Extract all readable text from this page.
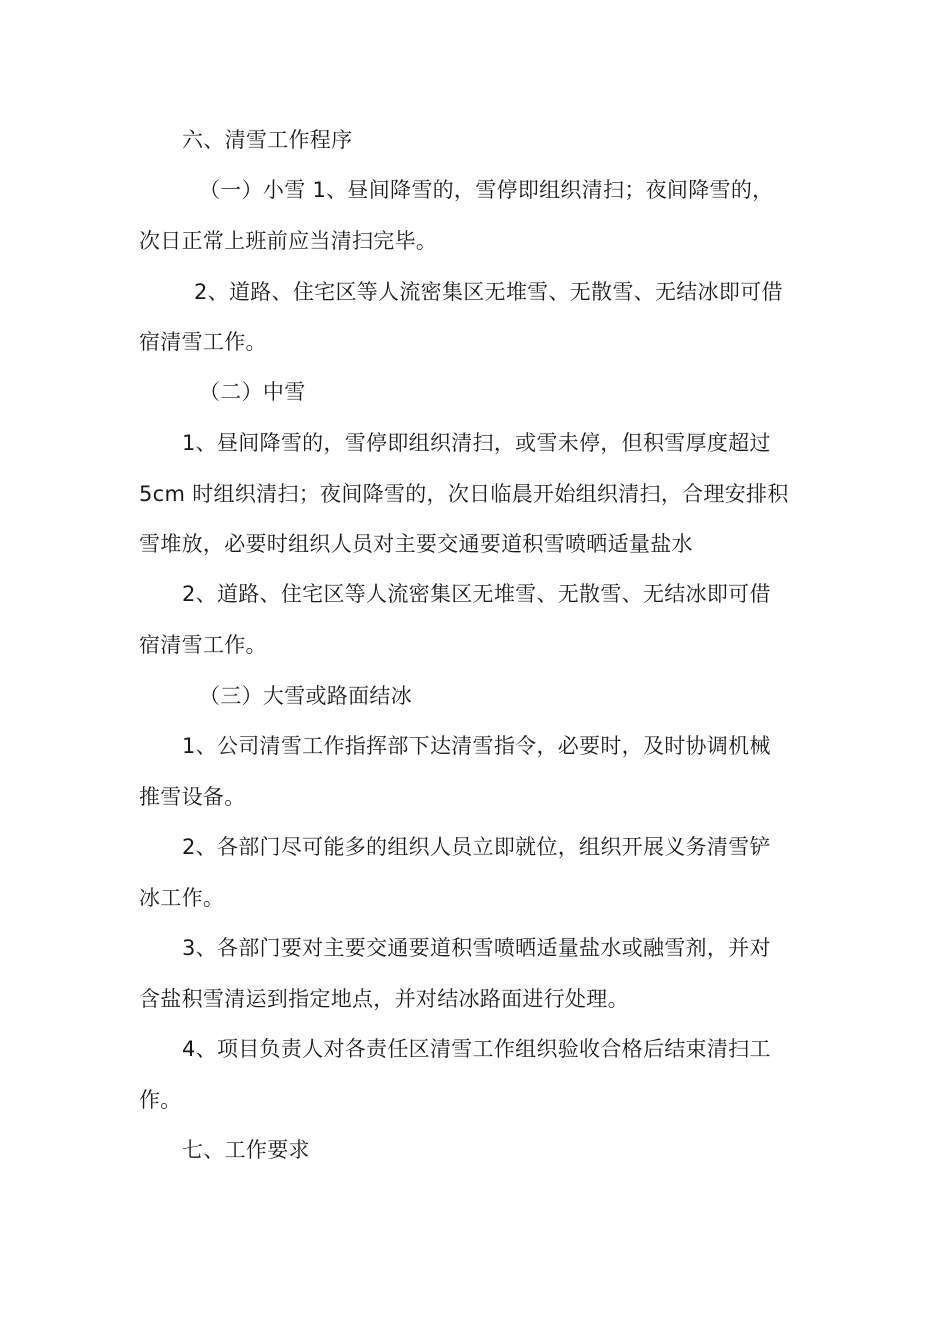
六、清雪工作程序

（一）小雪 1、昼间降雪的，雪停即组织清扫；夜间降雪的，

次日正常上班前应当清扫完毕。

2、道路、住宅区等人流密集区无堆雪、无散雪、无结冰即可借

宿清雪工作。

（二）中雪

1、昼间降雪的，雪停即组织清扫，或雪未停，但积雪厚度超过

5cm 时组织清扫；夜间降雪的，次日临晨开始组织清扫，合理安排积

雪堆放，必要时组织人员对主要交通要道积雪喷晒适量盐水

2、道路、住宅区等人流密集区无堆雪、无散雪、无结冰即可借

宿清雪工作。

（三）大雪或路面结冰

1、公司清雪工作指挥部下达清雪指令，必要时，及时协调机械

推雪设备。

2、各部门尽可能多的组织人员立即就位，组织开展义务清雪铲

冰工作。

3、各部门要对主要交通要道积雪喷晒适量盐水或融雪剂，并对

含盐积雪清运到指定地点，并对结冰路面进行处理。

4、项目负责人对各责任区清雪工作组织验收合格后结束清扫工

作。

七、工作要求
